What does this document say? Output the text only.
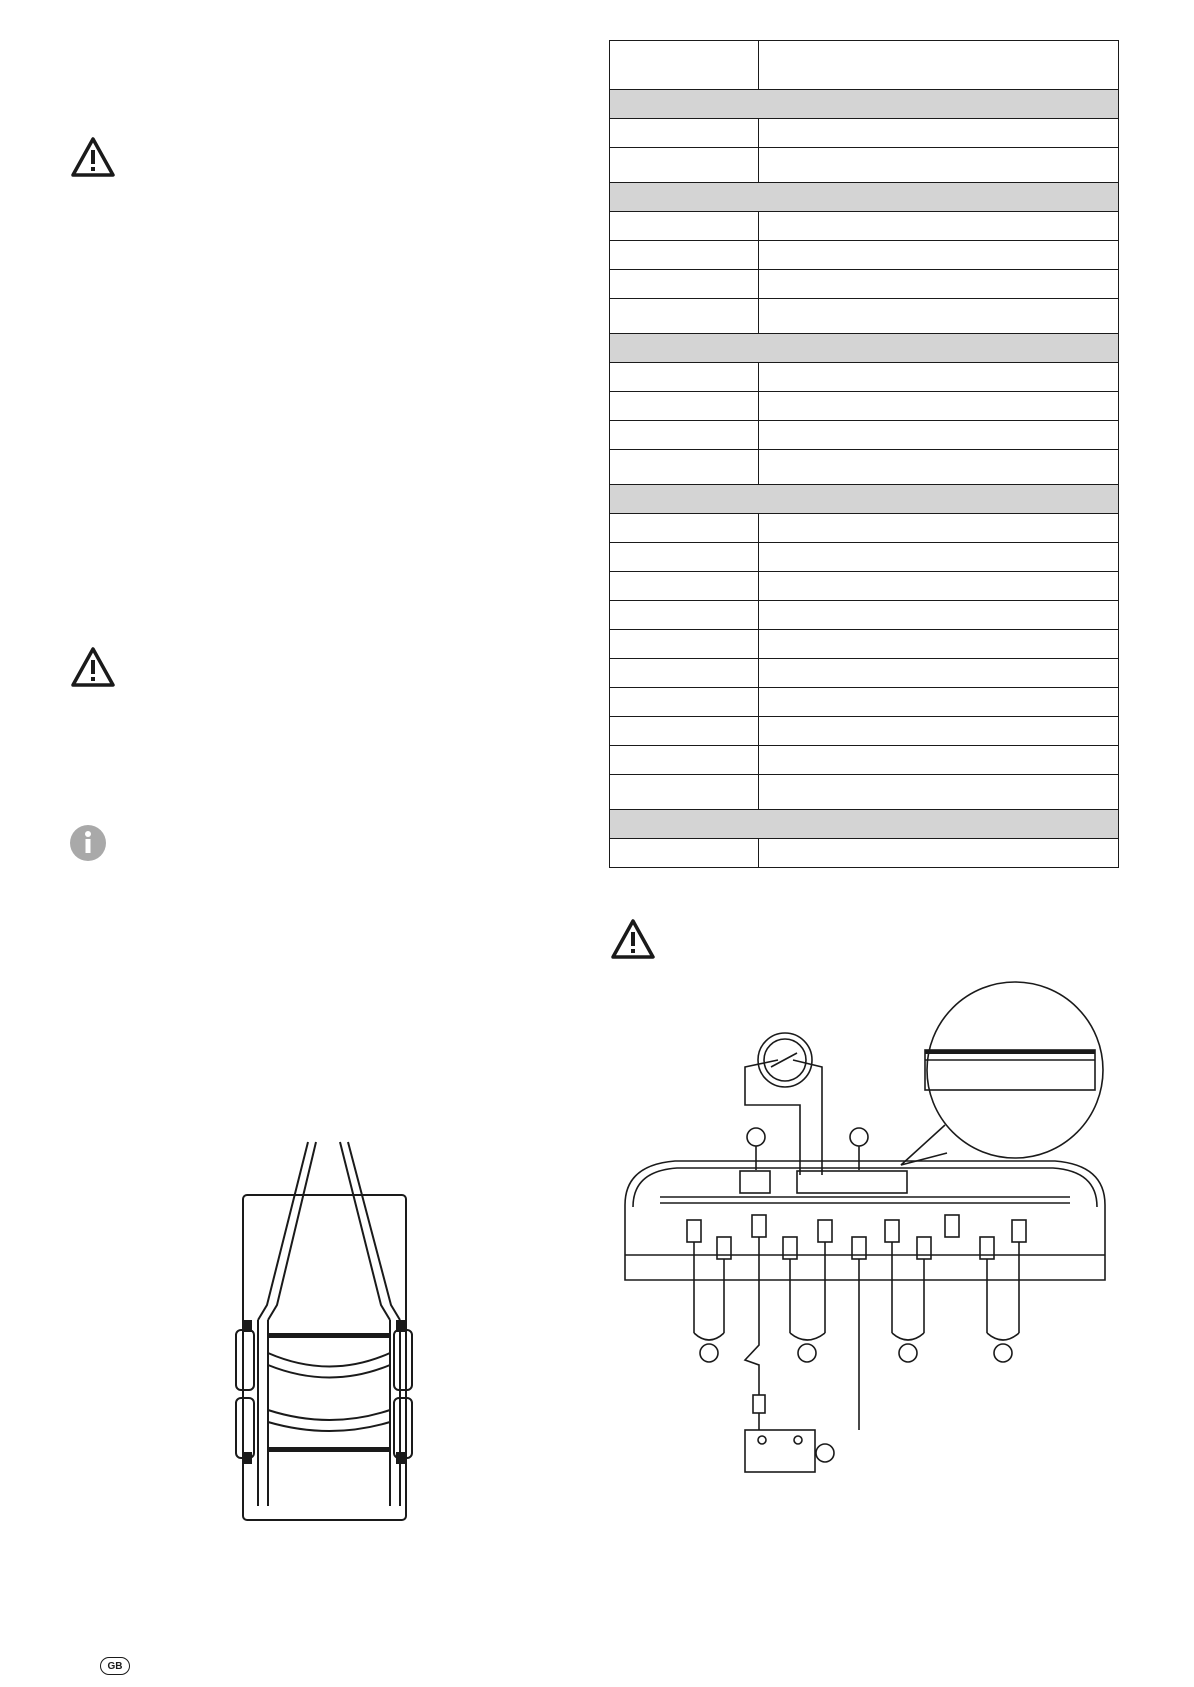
GB
